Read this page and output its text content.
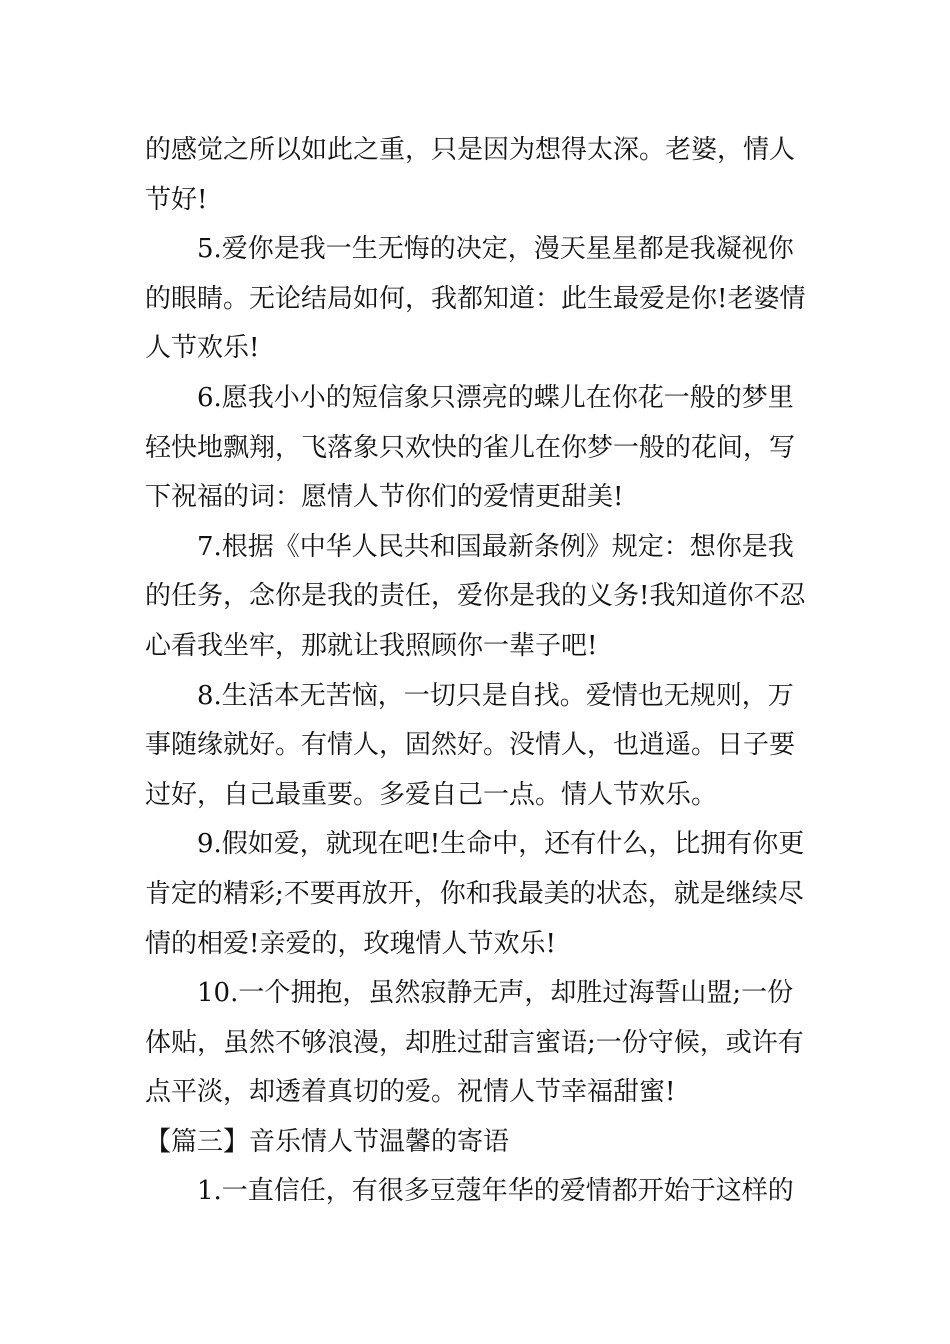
的感觉之所以如此之重，只是因为想得太深。老婆，情人
节好!
5.爱你是我一生无悔的决定，漫天星星都是我凝视你
的眼睛。无论结局如何，我都知道：此生最爱是你!老婆情
人节欢乐!
6.愿我小小的短信象只漂亮的蝶儿在你花一般的梦里
轻快地飘翔，飞落象只欢快的雀儿在你梦一般的花间，写
下祝福的词：愿情人节你们的爱情更甜美!
7.根据《中华人民共和国最新条例》规定：想你是我
的任务，念你是我的责任，爱你是我的义务!我知道你不忍
心看我坐牢，那就让我照顾你一辈子吧!
8.生活本无苦恼，一切只是自找。爱情也无规则，万
事随缘就好。有情人，固然好。没情人，也逍遥。日子要
过好，自己最重要。多爱自己一点。情人节欢乐。
9.假如爱，就现在吧!生命中，还有什么，比拥有你更
肯定的精彩;不要再放开，你和我最美的状态，就是继续尽
情的相爱!亲爱的，玫瑰情人节欢乐!
10.一个拥抱，虽然寂静无声，却胜过海誓山盟;一份
体贴，虽然不够浪漫，却胜过甜言蜜语;一份守候，或许有
点平淡，却透着真切的爱。祝情人节幸福甜蜜!
【篇三】音乐情人节温馨的寄语
1.一直信任，有很多豆蔻年华的爱情都开始于这样的
